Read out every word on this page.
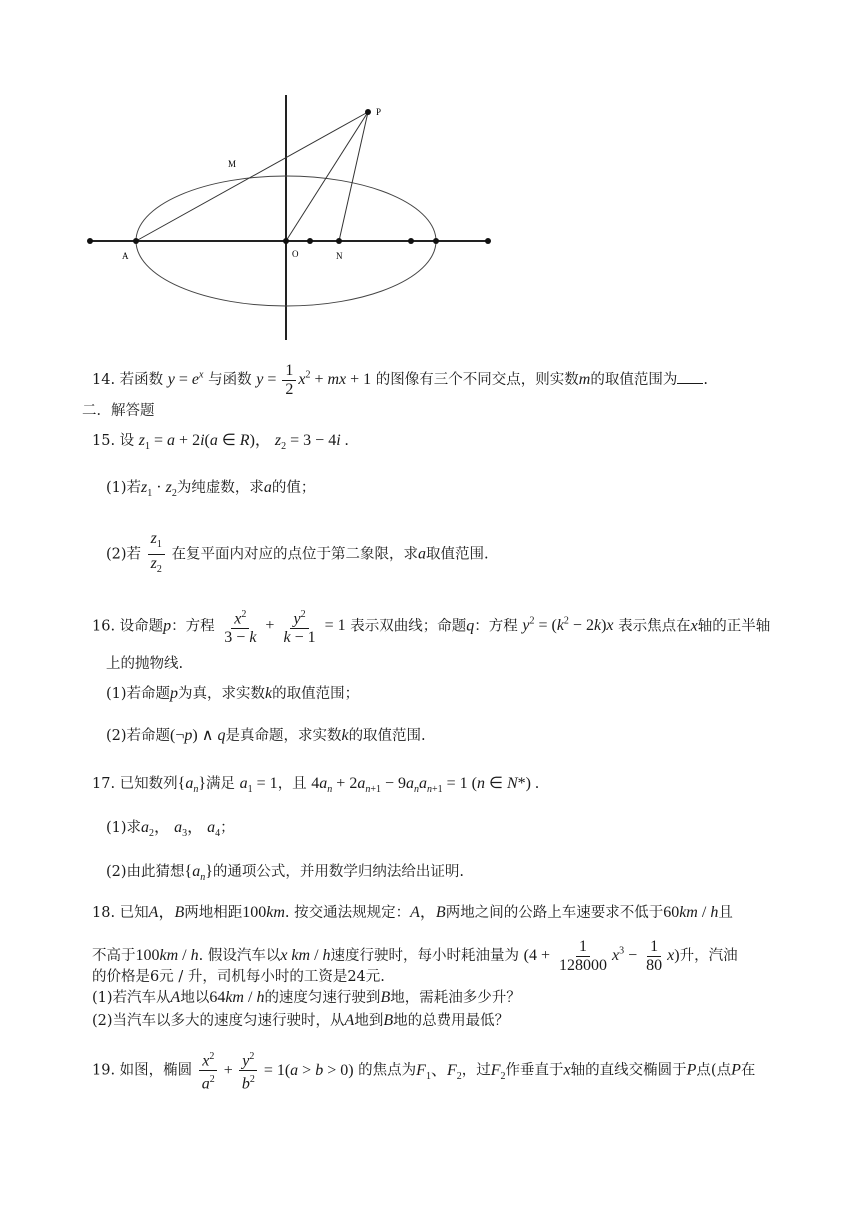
P
M
A	O	N
14. 若函数 $y = e^x$ 与函数 $y = \frac{1}{2} x^2$ + mx + 1 的图像有三个不同交点，则实数m的取值范围为 .
二．解答题
15. 设 $z_1 = a + 2i(a$ ∈ R)， $z_2 = 3 - 4i$ .
(1)若$z_1 \cdot z_2$为纯虚数，求a的值；
(2)若 $\frac{z_1}{z_2}$ 在复平面内对应的点位于第二象限，求a取值范围.
16. 设命题p：方程 $\frac{x^2}{3 - k} + \frac{y^2}{k - 1} = 1$ 表示双曲线；命题q：方程 $y^2 = (k^2 - 2k)x$ 表示焦点在x轴的正半轴
上的抛物线.
(1)若命题p为真，求实数k的取值范围；
(2)若命题(¬p) ∧ q是真命题，求实数k的取值范围.
17. 已知数列$\{a_n\}$满足 $a_1 = 1$，且 $4a_n + 2a_{n+1} - 9a_na_{n+1} = 1$ (n ∈ N*) .
(1)求$a_2$， $a_3$， $a_4$；
(2)由此猜想$\{a_n\}$的通项公式，并用数学归纳法给出证明.
18. 已知A，B两地相距100km. 按交通法规规定：A，B两地之间的公路上车速要求不低于60km / h且
不高于100km / h. 假设汽车以x km / h速度行驶时，每小时耗油量为 $(4 + \frac{1}{128000} x^3 - \frac{1}{80} x)$升，汽油
的价格是6元 / 升，司机每小时的工资是24元.
(1)若汽车从A地以64km / h的速度匀速行驶到B地，需耗油多少升？
(2)当汽车以多大的速度匀速行驶时，从A地到B地的总费用最低？
19. 如图，椭圆 $\frac{x^2}{a^2} + \frac{y^2}{b^2} = 1(a > b > 0)$ 的焦点为$F_1$、$F_2$，过$F_2$作垂直于x轴的直线交椭圆于P点(点P在
